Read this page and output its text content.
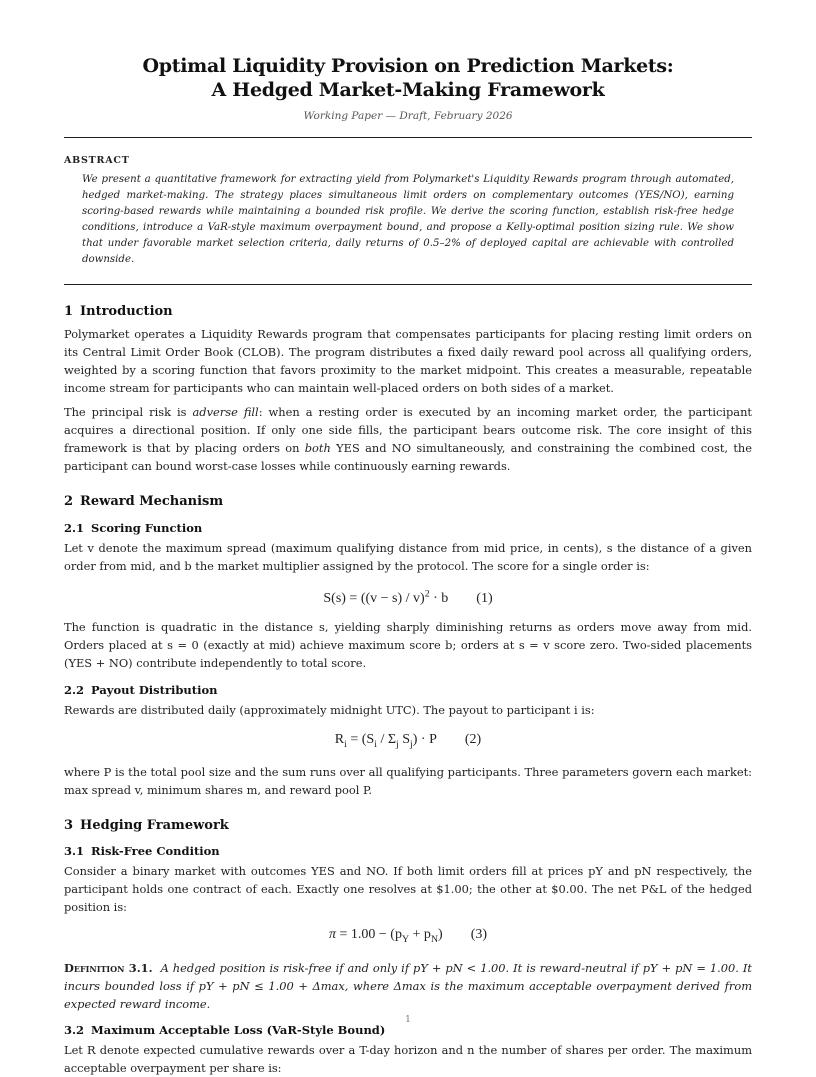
Optimal Liquidity Provision on Prediction Markets:
A Hedged Market-Making Framework
Working Paper — Draft, February 2026
ABSTRACT
We present a quantitative framework for extracting yield from Polymarket's Liquidity Rewards program through automated, hedged market-making. The strategy places simultaneous limit orders on complementary outcomes (YES/NO), earning scoring-based rewards while maintaining a bounded risk profile. We derive the scoring function, establish risk-free hedge conditions, introduce a VaR-style maximum overpayment bound, and propose a Kelly-optimal position sizing rule. We show that under favorable market selection criteria, daily returns of 0.5–2% of deployed capital are achievable with controlled downside.
1 Introduction

Polymarket operates a Liquidity Rewards program that compensates participants for placing resting limit orders on its Central Limit Order Book (CLOB). The program distributes a fixed daily reward pool across all qualifying orders, weighted by a scoring function that favors proximity to the market midpoint. This creates a measurable, repeatable income stream for participants who can maintain well-placed orders on both sides of a market.

The principal risk is adverse fill: when a resting order is executed by an incoming market order, the participant acquires a directional position. If only one side fills, the participant bears outcome risk. The core insight of this framework is that by placing orders on both YES and NO simultaneously, and constraining the combined cost, the participant can bound worst-case losses while continuously earning rewards.

2 Reward Mechanism
2.1 Scoring Function

Let v denote the maximum spread (maximum qualifying distance from mid price, in cents), s the distance of a given order from mid, and b the market multiplier assigned by the protocol. The score for a single order is:

$S(s) = ((v - s) / v)^2 \cdot b$ (1)

The function is quadratic in the distance s, yielding sharply diminishing returns as orders move away from mid. Orders placed at s = 0 (exactly at mid) achieve maximum score b; orders at s = v score zero. Two-sided placements (YES + NO) contribute independently to total score.

2.2 Payout Distribution

Rewards are distributed daily (approximately midnight UTC). The payout to participant i is:

$R_i = (S_i / \Sigma_j$ $S_j) \cdot P$ (2)

where P is the total pool size and the sum runs over all qualifying participants. Three parameters govern each market: max spread v, minimum shares m, and reward pool P.

3 Hedging Framework
3.1 Risk-Free Condition

Consider a binary market with outcomes YES and NO. If both limit orders fill at prices pY and pN respectively, the participant holds one contract of each. Exactly one resolves at $1.00; the other at $0.00. The net P&L of the hedged position is:

$\pi = 1.00 - (p_Y + p_N)$ (3)

Definition 3.1. A hedged position is risk-free if and only if pY + pN < 1.00. It is reward-neutral if pY + pN = 1.00. It incurs bounded loss if pY + pN ≤ 1.00 + Δmax, where Δmax is the maximum acceptable overpayment derived from expected reward income.

3.2 Maximum Acceptable Loss (VaR-Style Bound)

Let R denote expected cumulative rewards over a T-day horizon and n the number of shares per order. The maximum acceptable overpayment per share is:

1
